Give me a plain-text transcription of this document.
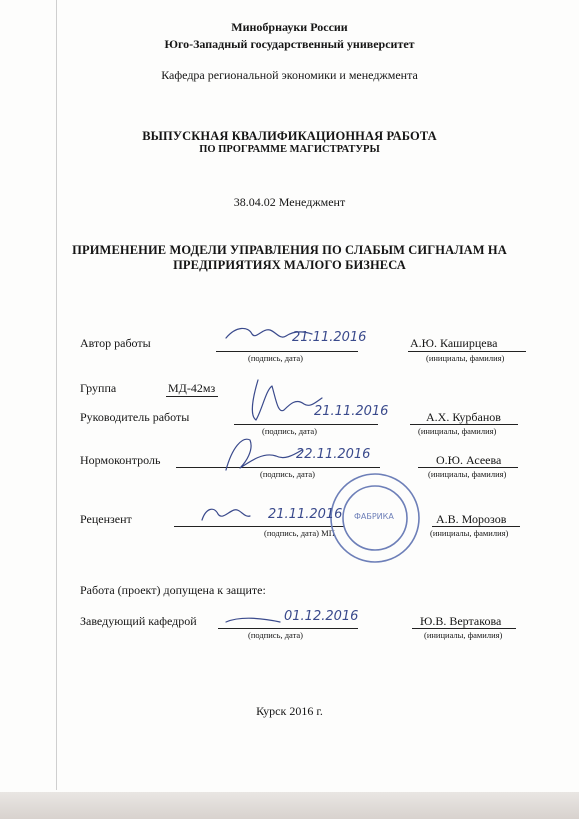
Минобрнауки России
Юго-Западный государственный университет
Кафедра региональной экономики и менеджмента
ВЫПУСКНАЯ КВАЛИФИКАЦИОННАЯ РАБОТА
ПО ПРОГРАММЕ МАГИСТРАТУРЫ
38.04.02 Менеджмент
ПРИМЕНЕНИЕ МОДЕЛИ УПРАВЛЕНИЯ ПО СЛАБЫМ СИГНАЛАМ НА
ПРЕДПРИЯТИЯХ МАЛОГО БИЗНЕСА
Автор работы
(подпись, дата)
А.Ю. Каширцева
(инициалы, фамилия)
Группа	МД-42мз
Руководитель работы
(подпись, дата)
А.Х. Курбанов
(инициалы, фамилия)
Нормоконтроль
(подпись, дата)
О.Ю. Асеева
(инициалы, фамилия)
Рецензент
(подпись, дата) МП
А.В. Морозов
(инициалы, фамилия)
Работа (проект) допущена к защите:
Заведующий кафедрой
(подпись, дата)
Ю.В. Вертакова
(инициалы, фамилия)
Курск 2016 г.
21.11.2016
21.11.2016
22.11.2016
21.11.2016
01.12.2016
ФАБРИКА
